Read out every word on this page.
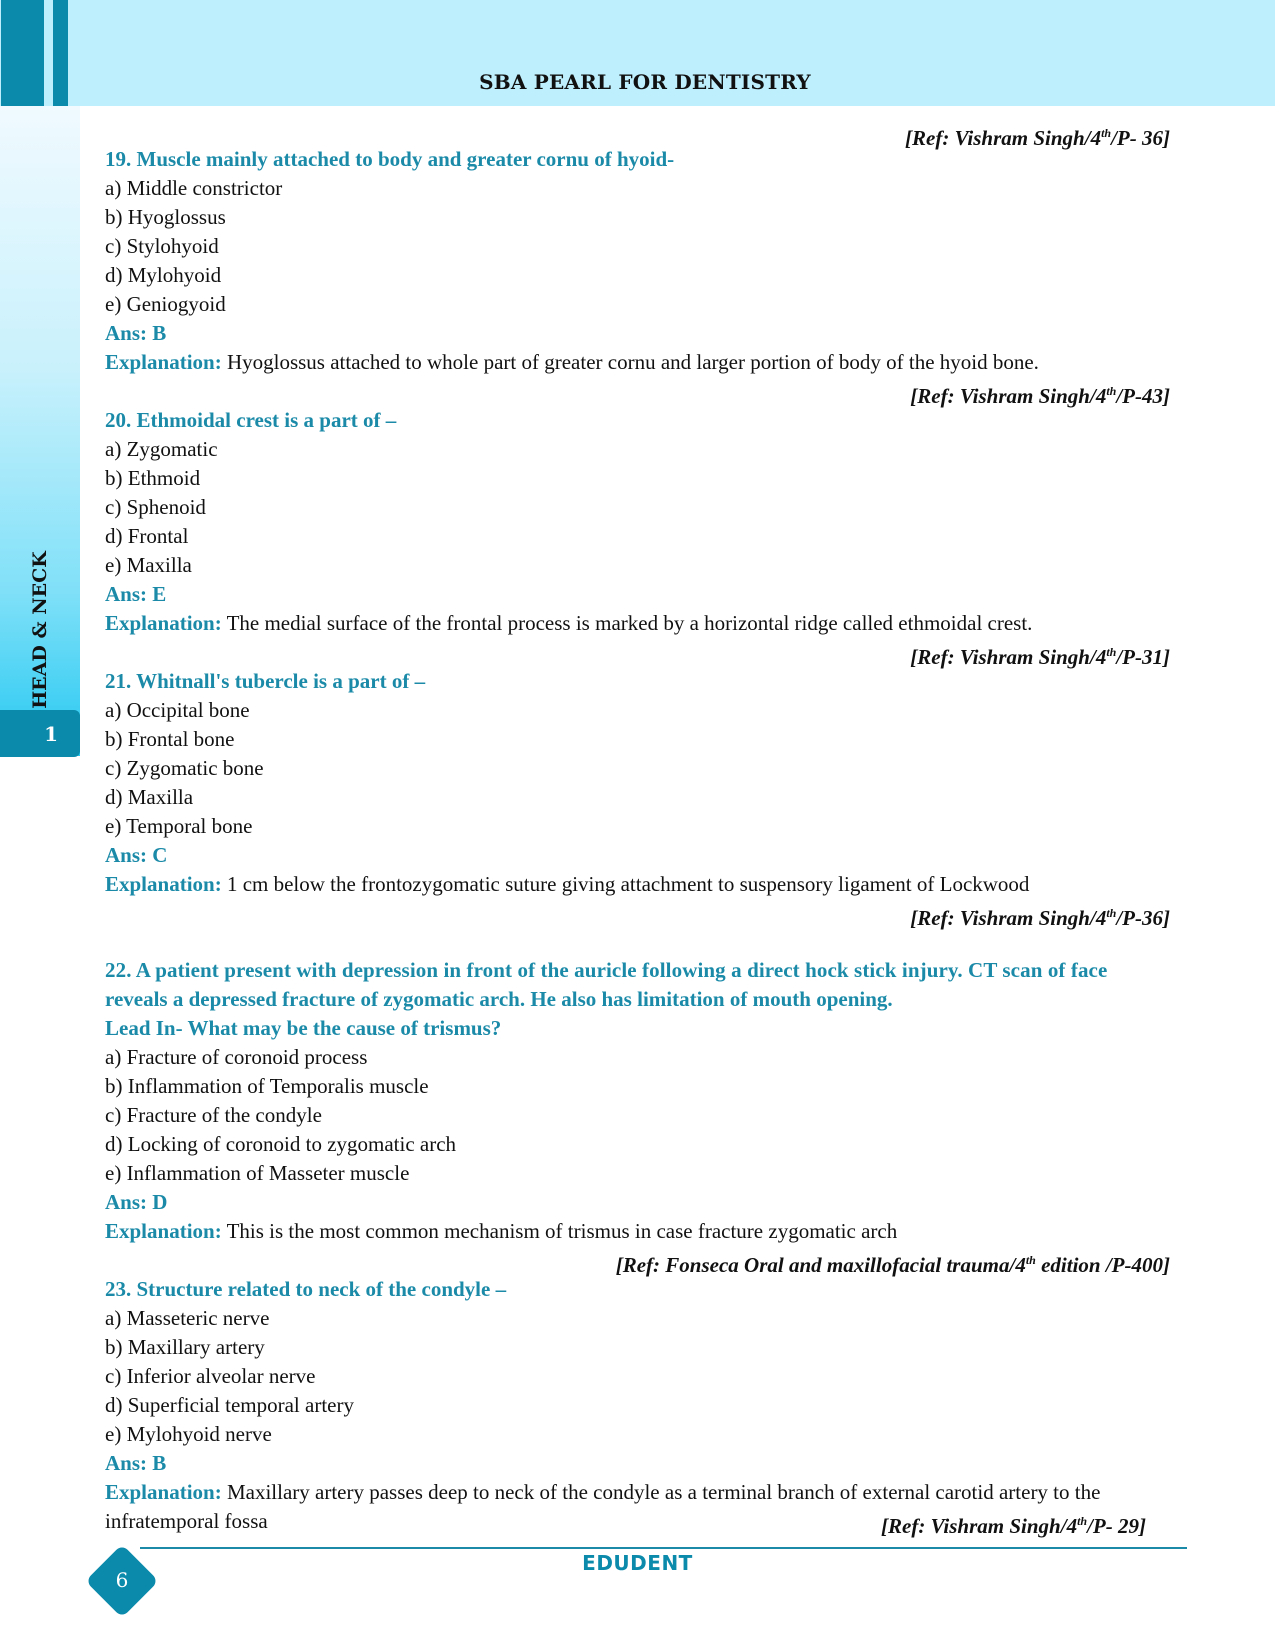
SBA PEARL FOR DENTISTRY
HEAD & NECK
1
[Ref: Vishram Singh/4th/P- 36]
19. Muscle mainly attached to body and greater cornu of hyoid-
a) Middle constrictor
b) Hyoglossus
c) Stylohyoid
d) Mylohyoid
e) Geniogyoid
Ans: B
Explanation: Hyoglossus attached to whole part of greater cornu and larger portion of body of the hyoid bone.
[Ref: Vishram Singh/4th/P-43]
20. Ethmoidal crest is a part of –
a) Zygomatic
b) Ethmoid
c) Sphenoid
d) Frontal
e) Maxilla
Ans: E
Explanation: The medial surface of the frontal process is marked by a horizontal ridge called ethmoidal crest.
[Ref: Vishram Singh/4th/P-31]
21. Whitnall's tubercle is a part of –
a) Occipital bone
b) Frontal bone
c) Zygomatic bone
d) Maxilla
e) Temporal bone
Ans: C
Explanation: 1 cm below the frontozygomatic suture giving attachment to suspensory ligament of Lockwood
[Ref: Vishram Singh/4th/P-36]
22. A patient present with depression in front of the auricle following a direct hock stick injury. CT scan of face
reveals a depressed fracture of zygomatic arch. He also has limitation of mouth opening.
Lead In- What may be the cause of trismus?
a) Fracture of coronoid process
b) Inflammation of Temporalis muscle
c) Fracture of the condyle
d) Locking of coronoid to zygomatic arch
e) Inflammation of Masseter muscle
Ans: D
Explanation: This is the most common mechanism of trismus in case fracture zygomatic arch
[Ref: Fonseca Oral and maxillofacial trauma/4th edition /P-400]
23. Structure related to neck of the condyle –
a) Masseteric nerve
b) Maxillary artery
c) Inferior alveolar nerve
d) Superficial temporal artery
e) Mylohyoid nerve
Ans: B
Explanation: Maxillary artery passes deep to neck of the condyle as a terminal branch of external carotid artery to the
infratemporal fossa	[Ref: Vishram Singh/4th/P- 29]
EDUDENT
6
